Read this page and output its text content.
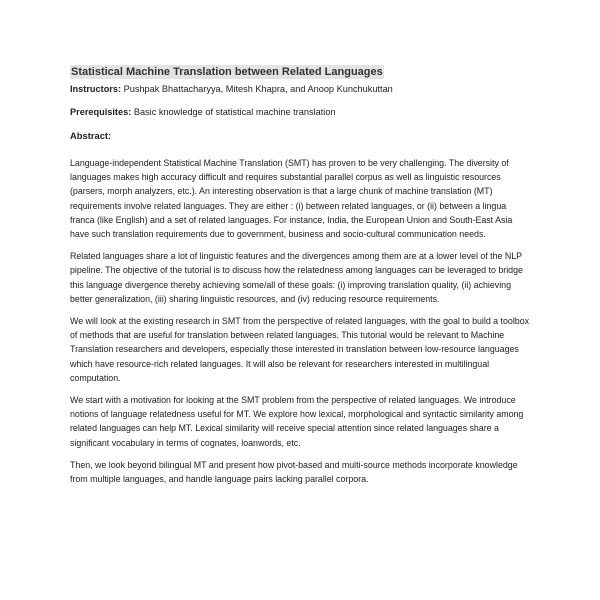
Statistical Machine Translation between Related Languages

Instructors: Pushpak Bhattacharyya, Mitesh Khapra, and Anoop Kunchukuttan

Prerequisites: Basic knowledge of statistical machine translation

Abstract:

Language-independent Statistical Machine Translation (SMT) has proven to be very challenging. The diversity of languages makes high accuracy difficult and requires substantial parallel corpus as well as linguistic resources (parsers, morph analyzers, etc.). An interesting observation is that a large chunk of machine translation (MT) requirements involve related languages. They are either : (i) between related languages, or (ii) between a lingua franca (like English) and a set of related languages. For instance, India, the European Union and South-East Asia have such translation requirements due to government, business and socio-cultural communication needs.

Related languages share a lot of linguistic features and the divergences among them are at a lower level of the NLP pipeline. The objective of the tutorial is to discuss how the relatedness among languages can be leveraged to bridge this language divergence thereby achieving some/all of these goals: (i) improving translation quality, (ii) achieving better generalization, (iii) sharing linguistic resources, and (iv) reducing resource requirements.

We will look at the existing research in SMT from the perspective of related languages, with the goal to build a toolbox of methods that are useful for translation between related languages. This tutorial would be relevant to Machine Translation researchers and developers, especially those interested in translation between low-resource languages which have resource-rich related languages. It will also be relevant for researchers interested in multilingual computation.

We start with a motivation for looking at the SMT problem from the perspective of related languages. We introduce notions of language relatedness useful for MT. We explore how lexical, morphological and syntactic similarity among related languages can help MT. Lexical similarity will receive special attention since related languages share a significant vocabulary in terms of cognates, loanwords, etc.

Then, we look beyond bilingual MT and present how pivot-based and multi-source methods incorporate knowledge from multiple languages, and handle language pairs lacking parallel corpora.
